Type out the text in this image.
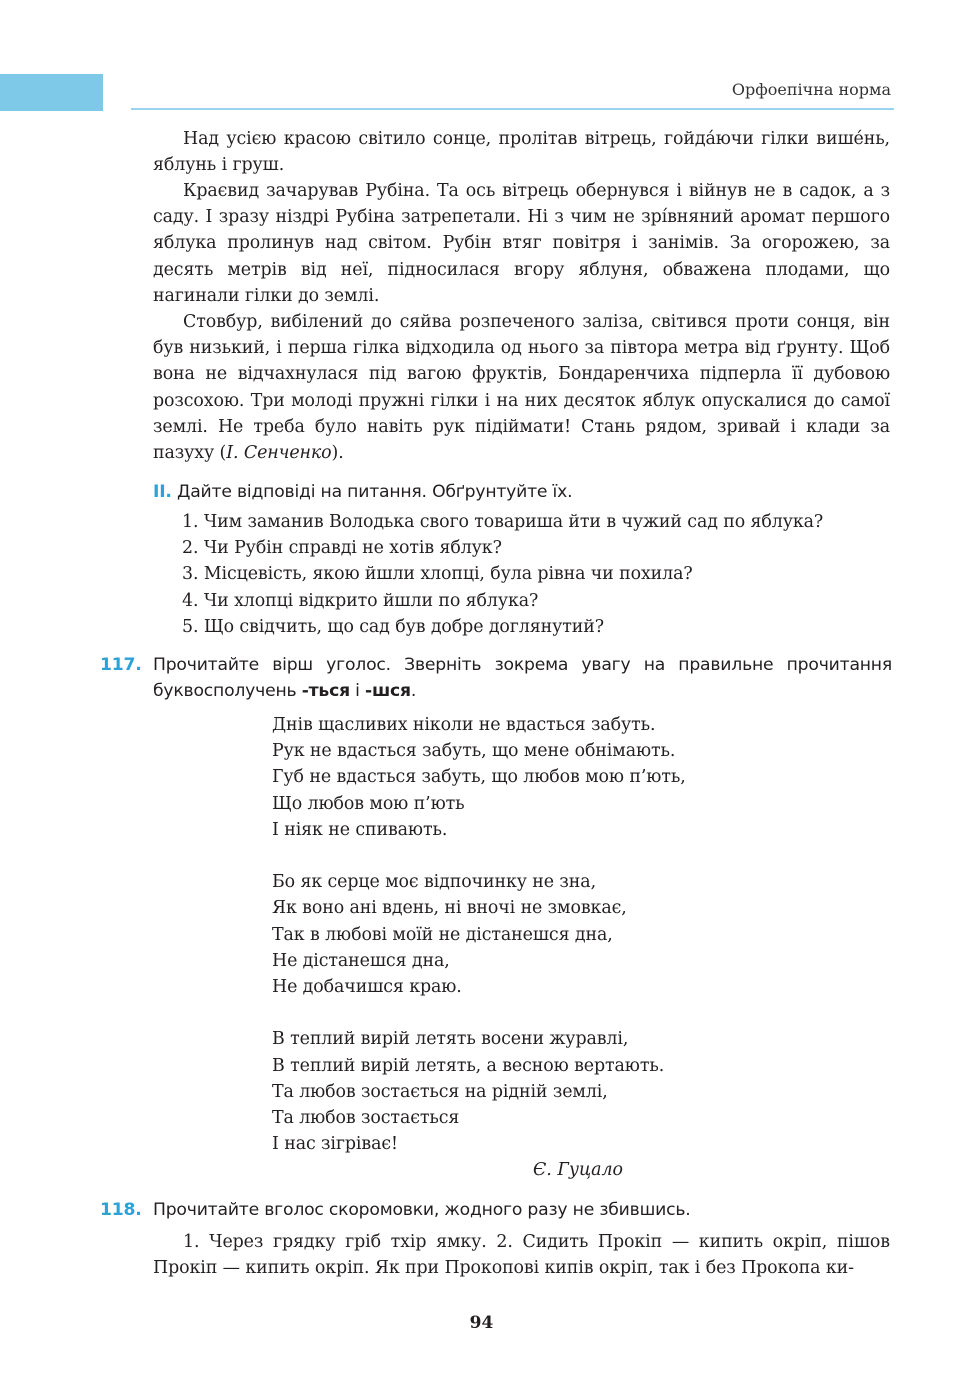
Орфоепічна норма
Над усією красою світило сонце, пролітав вітрець, гойда́ючи гілки више́нь, яблунь і груш.
Краєвид зачарував Рубіна. Та ось вітрець обернувся і війнув не в садок, а з саду. І зразу ніздрі Рубіна затрепетали. Ні з чим не зрі́вняний аромат першого яблука пролинув над світом. Рубін втяг повітря і занімів. За огорожею, за десять метрів від неї, підносилася вгору яблуня, обважена плодами, що нагинали гілки до землі.
Стовбур, вибілений до сяйва розпеченого заліза, світився проти сонця, він був низький, і перша гілка відходила од нього за півтора метра від ґрунту. Щоб вона не відчахнулася під вагою фруктів, Бондаренчиха підперла її дубовою розсохою. Три молоді пружні гілки і на них десяток яблук опускалися до самої землі. Не треба було навіть рук підіймати! Стань рядом, зривай і клади за пазуху (І. Сенченко).
II. Дайте відповіді на питання. Обґрунтуйте їх.
1. Чим заманив Володька свого товариша йти в чужий сад по яблука?
2. Чи Рубін справді не хотів яблук?
3. Місцевість, якою йшли хлопці, була рівна чи похила?
4. Чи хлопці відкрито йшли по яблука?
5. Що свідчить, що сад був добре доглянутий?
117. Прочитайте вірш уголос. Зверніть зокрема увагу на правильне прочитання буквосполучень -ться і -шся.
Днів щасливих ніколи не вдасться забуть.
Рук не вдасться забуть, що мене обнімають.
Губ не вдасться забуть, що любов мою п’ють,
Що любов мою п’ють
І ніяк не спивають.
Бо як серце моє відпочинку не зна,
Як воно ані вдень, ні вночі не змовкає,
Так в любові моїй не дістанешся дна,
Не дістанешся дна,
Не добачишся краю.
В теплий вирій летять восени журавлі,
В теплий вирій летять, а весною вертають.
Та любов зостається на рідній землі,
Та любов зостається
І нас зігріває!
Є. Гуцало
118. Прочитайте вголос скоромовки, жодного разу не збившись.
1. Через грядку гріб тхір ямку. 2. Сидить Прокіп — кипить окріп, пішов Прокіп — кипить окріп. Як при Прокопові кипів окріп, так і без Прокопа ки-
94
